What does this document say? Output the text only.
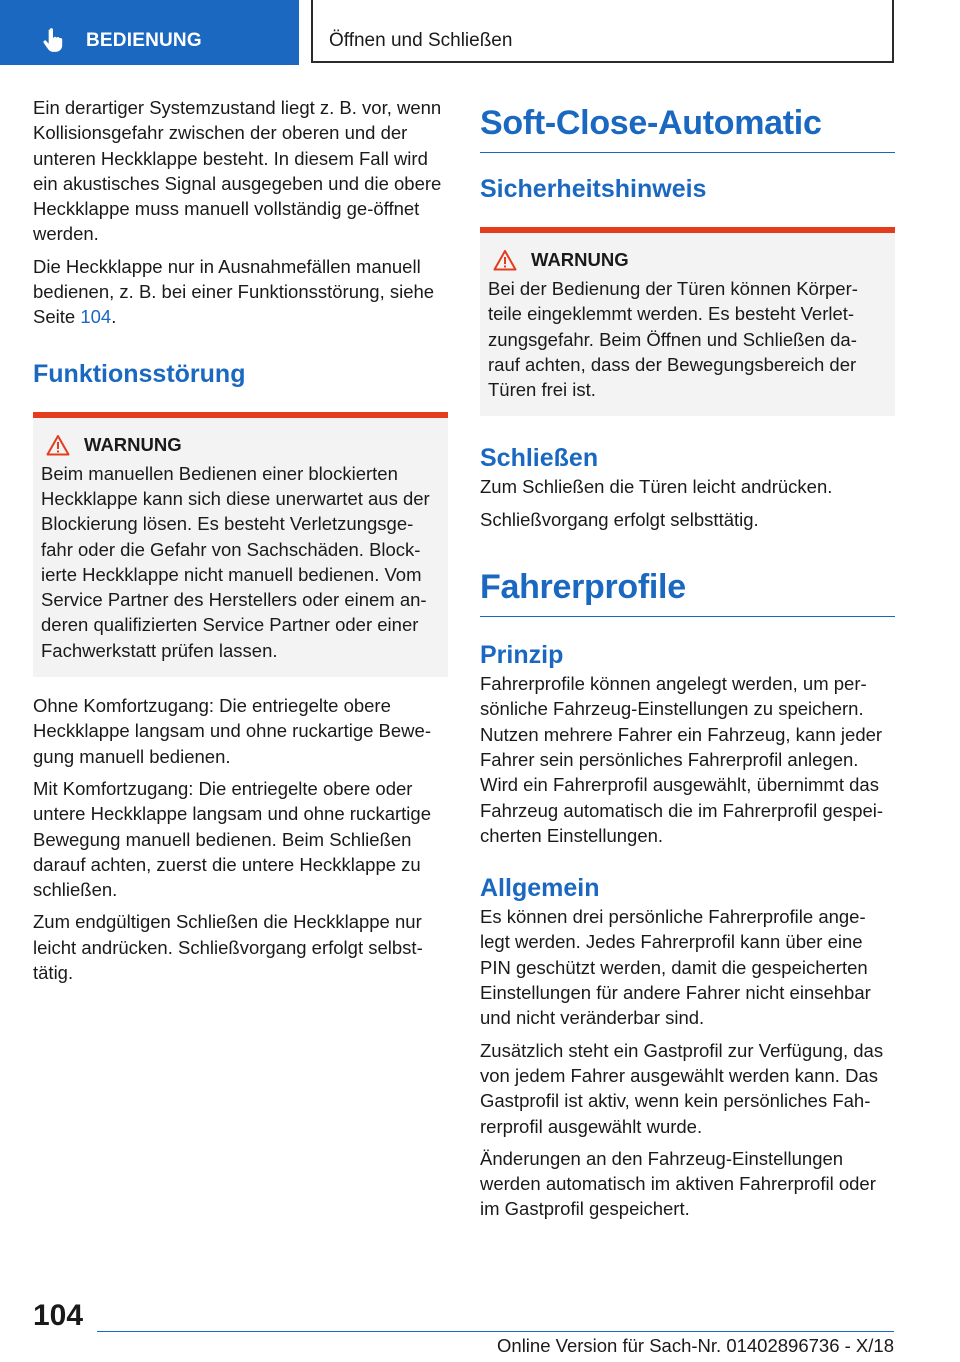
BEDIENUNG	Öffnen und Schließen

Ein derartiger Systemzustand liegt z. B. vor, wenn Kollisionsgefahr zwischen der oberen und der unteren Heckklappe besteht. In diesem Fall wird ein akustisches Signal ausgegeben und die obere Heckklappe muss manuell vollständig ge‐öffnet werden.

Die Heckklappe nur in Ausnahmefällen manuell bedienen, z. B. bei einer Funktionsstörung, siehe Seite 104.

Funktionsstörung
WARNUNG

Beim manuellen Bedienen einer blockierten Heckklappe kann sich diese unerwartet aus der Blockierung lösen. Es besteht Verletzungsge‐fahr oder die Gefahr von Sachschäden. Block‐ierte Heckklappe nicht manuell bedienen. Vom Service Partner des Herstellers oder einem an‐deren qualifizierten Service Partner oder einer Fachwerkstatt prüfen lassen.

Ohne Komfortzugang: Die entriegelte obere Heckklappe langsam und ohne ruckartige Bewe‐gung manuell bedienen.

Mit Komfortzugang: Die entriegelte obere oder untere Heckklappe langsam und ohne ruckartige Bewegung manuell bedienen. Beim Schließen darauf achten, zuerst die untere Heckklappe zu schließen.

Zum endgültigen Schließen die Heckklappe nur leicht andrücken. Schließvorgang erfolgt selbst‐tätig.

Soft-Close-Automatic
Sicherheitshinweis
WARNUNG

Bei der Bedienung der Türen können Körper‐teile eingeklemmt werden. Es besteht Verlet‐zungsgefahr. Beim Öffnen und Schließen da‐rauf achten, dass der Bewegungsbereich der Türen frei ist.

Schließen

Zum Schließen die Türen leicht andrücken.

Schließvorgang erfolgt selbsttätig.

Fahrerprofile
Prinzip

Fahrerprofile können angelegt werden, um per‐sönliche Fahrzeug-Einstellungen zu speichern. Nutzen mehrere Fahrer ein Fahrzeug, kann jeder Fahrer sein persönliches Fahrerprofil anlegen. Wird ein Fahrerprofil ausgewählt, übernimmt das Fahrzeug automatisch die im Fahrerprofil gespei‐cherten Einstellungen.

Allgemein

Es können drei persönliche Fahrerprofile ange‐legt werden. Jedes Fahrerprofil kann über eine PIN geschützt werden, damit die gespeicherten Einstellungen für andere Fahrer nicht einsehbar und nicht veränderbar sind.

Zusätzlich steht ein Gastprofil zur Verfügung, das von jedem Fahrer ausgewählt werden kann. Das Gastprofil ist aktiv, wenn kein persönliches Fah‐rerprofil ausgewählt wurde.

Änderungen an den Fahrzeug-Einstellungen werden automatisch im aktiven Fahrerprofil oder im Gastprofil gespeichert.

104
Online Version für Sach-Nr. 01402896736 - X/18
